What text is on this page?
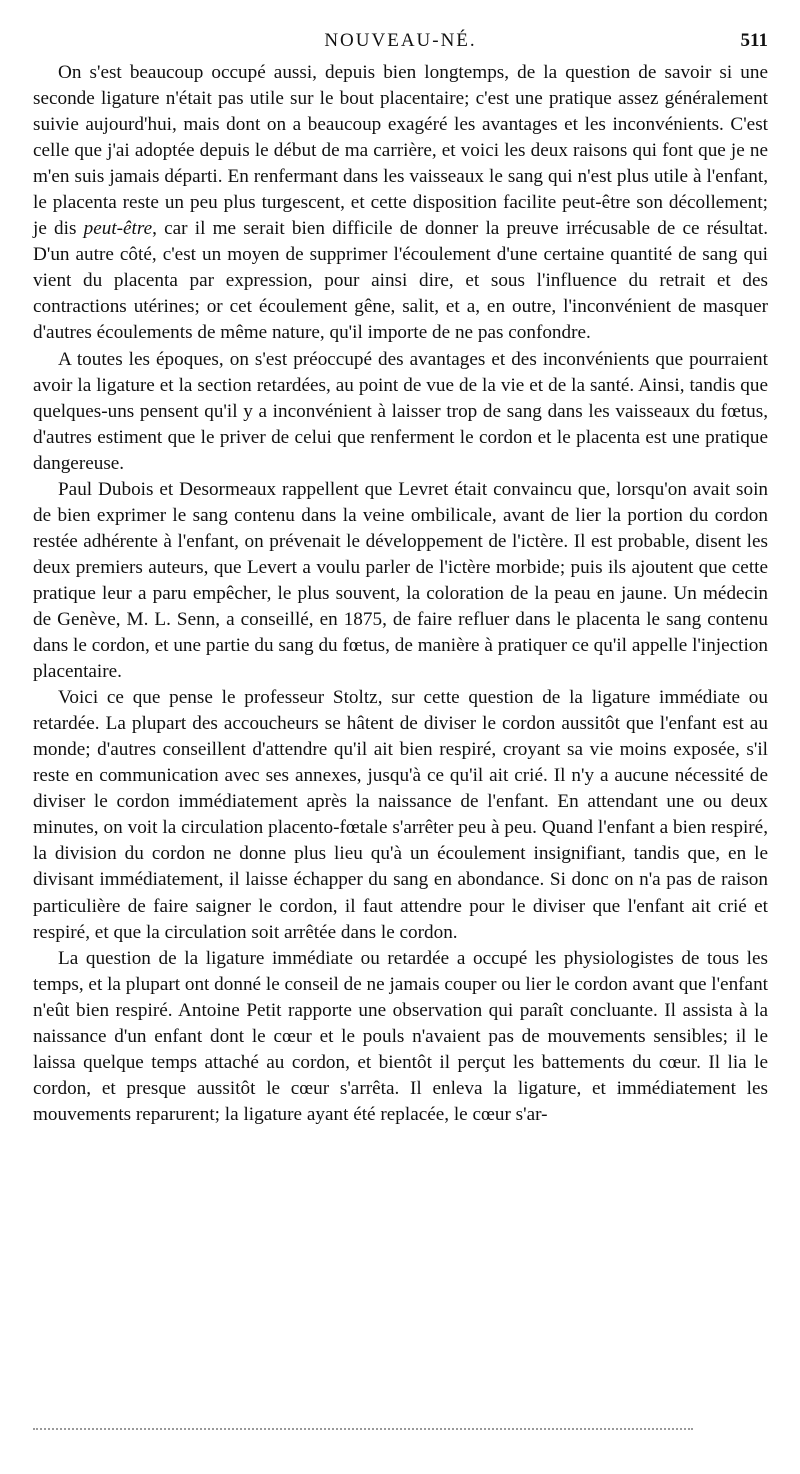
NOUVEAU-NÉ.	511

On s'est beaucoup occupé aussi, depuis bien longtemps, de la question de savoir si une seconde ligature n'était pas utile sur le bout placentaire; c'est une pratique assez généralement suivie aujourd'hui, mais dont on a beaucoup exagéré les avantages et les inconvénients. C'est celle que j'ai adoptée depuis le début de ma carrière, et voici les deux raisons qui font que je ne m'en suis jamais départi. En renfermant dans les vaisseaux le sang qui n'est plus utile à l'enfant, le placenta reste un peu plus turgescent, et cette disposition facilite peut-être son décollement; je dis peut-être, car il me serait bien difficile de donner la preuve irrécusable de ce résultat. D'un autre côté, c'est un moyen de supprimer l'écoulement d'une certaine quantité de sang qui vient du placenta par expression, pour ainsi dire, et sous l'influence du retrait et des contractions utérines; or cet écoulement gêne, salit, et a, en outre, l'inconvénient de masquer d'autres écoulements de même nature, qu'il importe de ne pas confondre.

A toutes les époques, on s'est préoccupé des avantages et des inconvénients que pourraient avoir la ligature et la section retardées, au point de vue de la vie et de la santé. Ainsi, tandis que quelques-uns pensent qu'il y a inconvénient à laisser trop de sang dans les vaisseaux du fœtus, d'autres estiment que le priver de celui que renferment le cordon et le placenta est une pratique dangereuse.

Paul Dubois et Desormeaux rappellent que Levret était convaincu que, lorsqu'on avait soin de bien exprimer le sang contenu dans la veine ombilicale, avant de lier la portion du cordon restée adhérente à l'enfant, on prévenait le développement de l'ictère. Il est probable, disent les deux premiers auteurs, que Levert a voulu parler de l'ictère morbide; puis ils ajoutent que cette pratique leur a paru empêcher, le plus souvent, la coloration de la peau en jaune. Un médecin de Genève, M. L. Senn, a conseillé, en 1875, de faire refluer dans le placenta le sang contenu dans le cordon, et une partie du sang du fœtus, de manière à pratiquer ce qu'il appelle l'injection placentaire.

Voici ce que pense le professeur Stoltz, sur cette question de la ligature immédiate ou retardée. La plupart des accoucheurs se hâtent de diviser le cordon aussitôt que l'enfant est au monde; d'autres conseillent d'attendre qu'il ait bien respiré, croyant sa vie moins exposée, s'il reste en communication avec ses annexes, jusqu'à ce qu'il ait crié. Il n'y a aucune nécessité de diviser le cordon immédiatement après la naissance de l'enfant. En attendant une ou deux minutes, on voit la circulation placento-fœtale s'arrêter peu à peu. Quand l'enfant a bien respiré, la division du cordon ne donne plus lieu qu'à un écoulement insignifiant, tandis que, en le divisant immédiatement, il laisse échapper du sang en abondance. Si donc on n'a pas de raison particulière de faire saigner le cordon, il faut attendre pour le diviser que l'enfant ait crié et respiré, et que la circulation soit arrêtée dans le cordon.

La question de la ligature immédiate ou retardée a occupé les physiologistes de tous les temps, et la plupart ont donné le conseil de ne jamais couper ou lier le cordon avant que l'enfant n'eût bien respiré. Antoine Petit rapporte une observation qui paraît concluante. Il assista à la naissance d'un enfant dont le cœur et le pouls n'avaient pas de mouvements sensibles; il le laissa quelque temps attaché au cordon, et bientôt il perçut les battements du cœur. Il lia le cordon, et presque aussitôt le cœur s'arrêta. Il enleva la ligature, et immédiatement les mouvements reparurent; la ligature ayant été replacée, le cœur s'ar-
